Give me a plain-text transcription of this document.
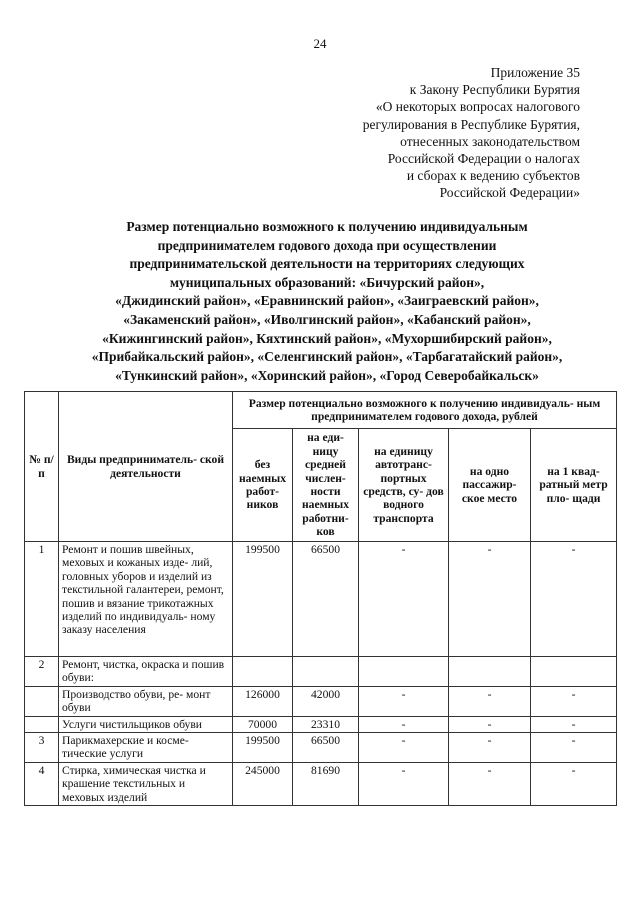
24
Приложение 35
к Закону Республики Бурятия
«О некоторых вопросах налогового
регулирования в Республике Бурятия,
отнесенных законодательством
Российской Федерации о налогах
и сборах к ведению субъектов
Российской Федерации»
Размер потенциально возможного к получению индивидуальным
предпринимателем годового дохода при осуществлении
предпринимательской деятельности на территориях следующих
муниципальных образований: «Бичурский район»,
«Джидинский район», «Еравнинский район», «Заиграевский район»,
«Закаменский район», «Иволгинский район», «Кабанский район»,
«Кижингинский район», Кяхтинский район», «Мухоршибирский район»,
«Прибайкальский район», «Селенгинский район», «Тарбагатайский район»,
«Тункинский район», «Хоринский район», «Город Северобайкальск»
№ п/п	Виды предприниматель- ской деятельности	Размер потенциально возможного к получению индивидуаль- ным предпринимателем годового дохода, рублей				
		без наемных работ- ников	на еди- ницу средней числен- ности наемных работни- ков	на единицу автотранс- портных средств, су- дов водного транспорта	на одно пассажир- ское место	на 1 квад- ратный метр пло- щади
1	Ремонт и пошив швейных, меховых и кожаных изде- лий, головных уборов и изделий из текстильной галантереи, ремонт, пошив и вязание трикотажных изделий по индивидуаль- ному заказу населения	199500	66500	-	-	-
2	Ремонт, чистка, окраска и пошив обуви:					
	Производство обуви, ре- монт обуви	126000	42000	-	-	-
	Услуги чистильщиков обуви	70000	23310	-	-	-
3	Парикмахерские и косме- тические услуги	199500	66500	-	-	-
4	Стирка, химическая чистка и крашение текстильных и меховых изделий	245000	81690	-	-	-
